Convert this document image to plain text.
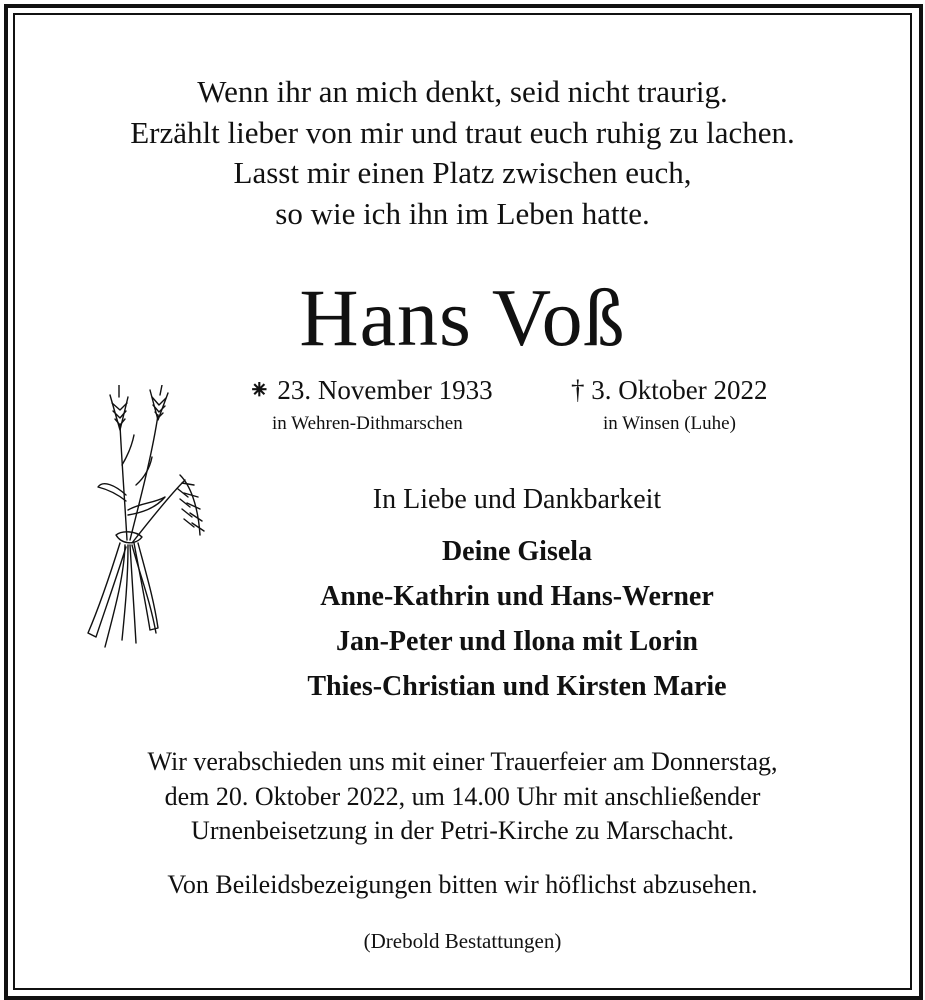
Wenn ihr an mich denkt, seid nicht traurig.
Erzählt lieber von mir und traut euch ruhig zu lachen.
Lasst mir einen Platz zwischen euch,
so wie ich ihn im Leben hatte.
Hans Voß
⁕ 23. November 1933
in Wehren-Dithmarschen
† 3. Oktober 2022
in Winsen (Luhe)
In Liebe und Dankbarkeit
Deine Gisela
Anne-Kathrin und Hans-Werner
Jan-Peter und Ilona mit Lorin
Thies-Christian und Kirsten Marie
Wir verabschieden uns mit einer Trauerfeier am Donnerstag,
dem 20. Oktober 2022, um 14.00 Uhr mit anschließender
Urnenbeisetzung in der Petri-Kirche zu Marschacht.
Von Beileidsbezeigungen bitten wir höflichst abzusehen.
(Drebold Bestattungen)
